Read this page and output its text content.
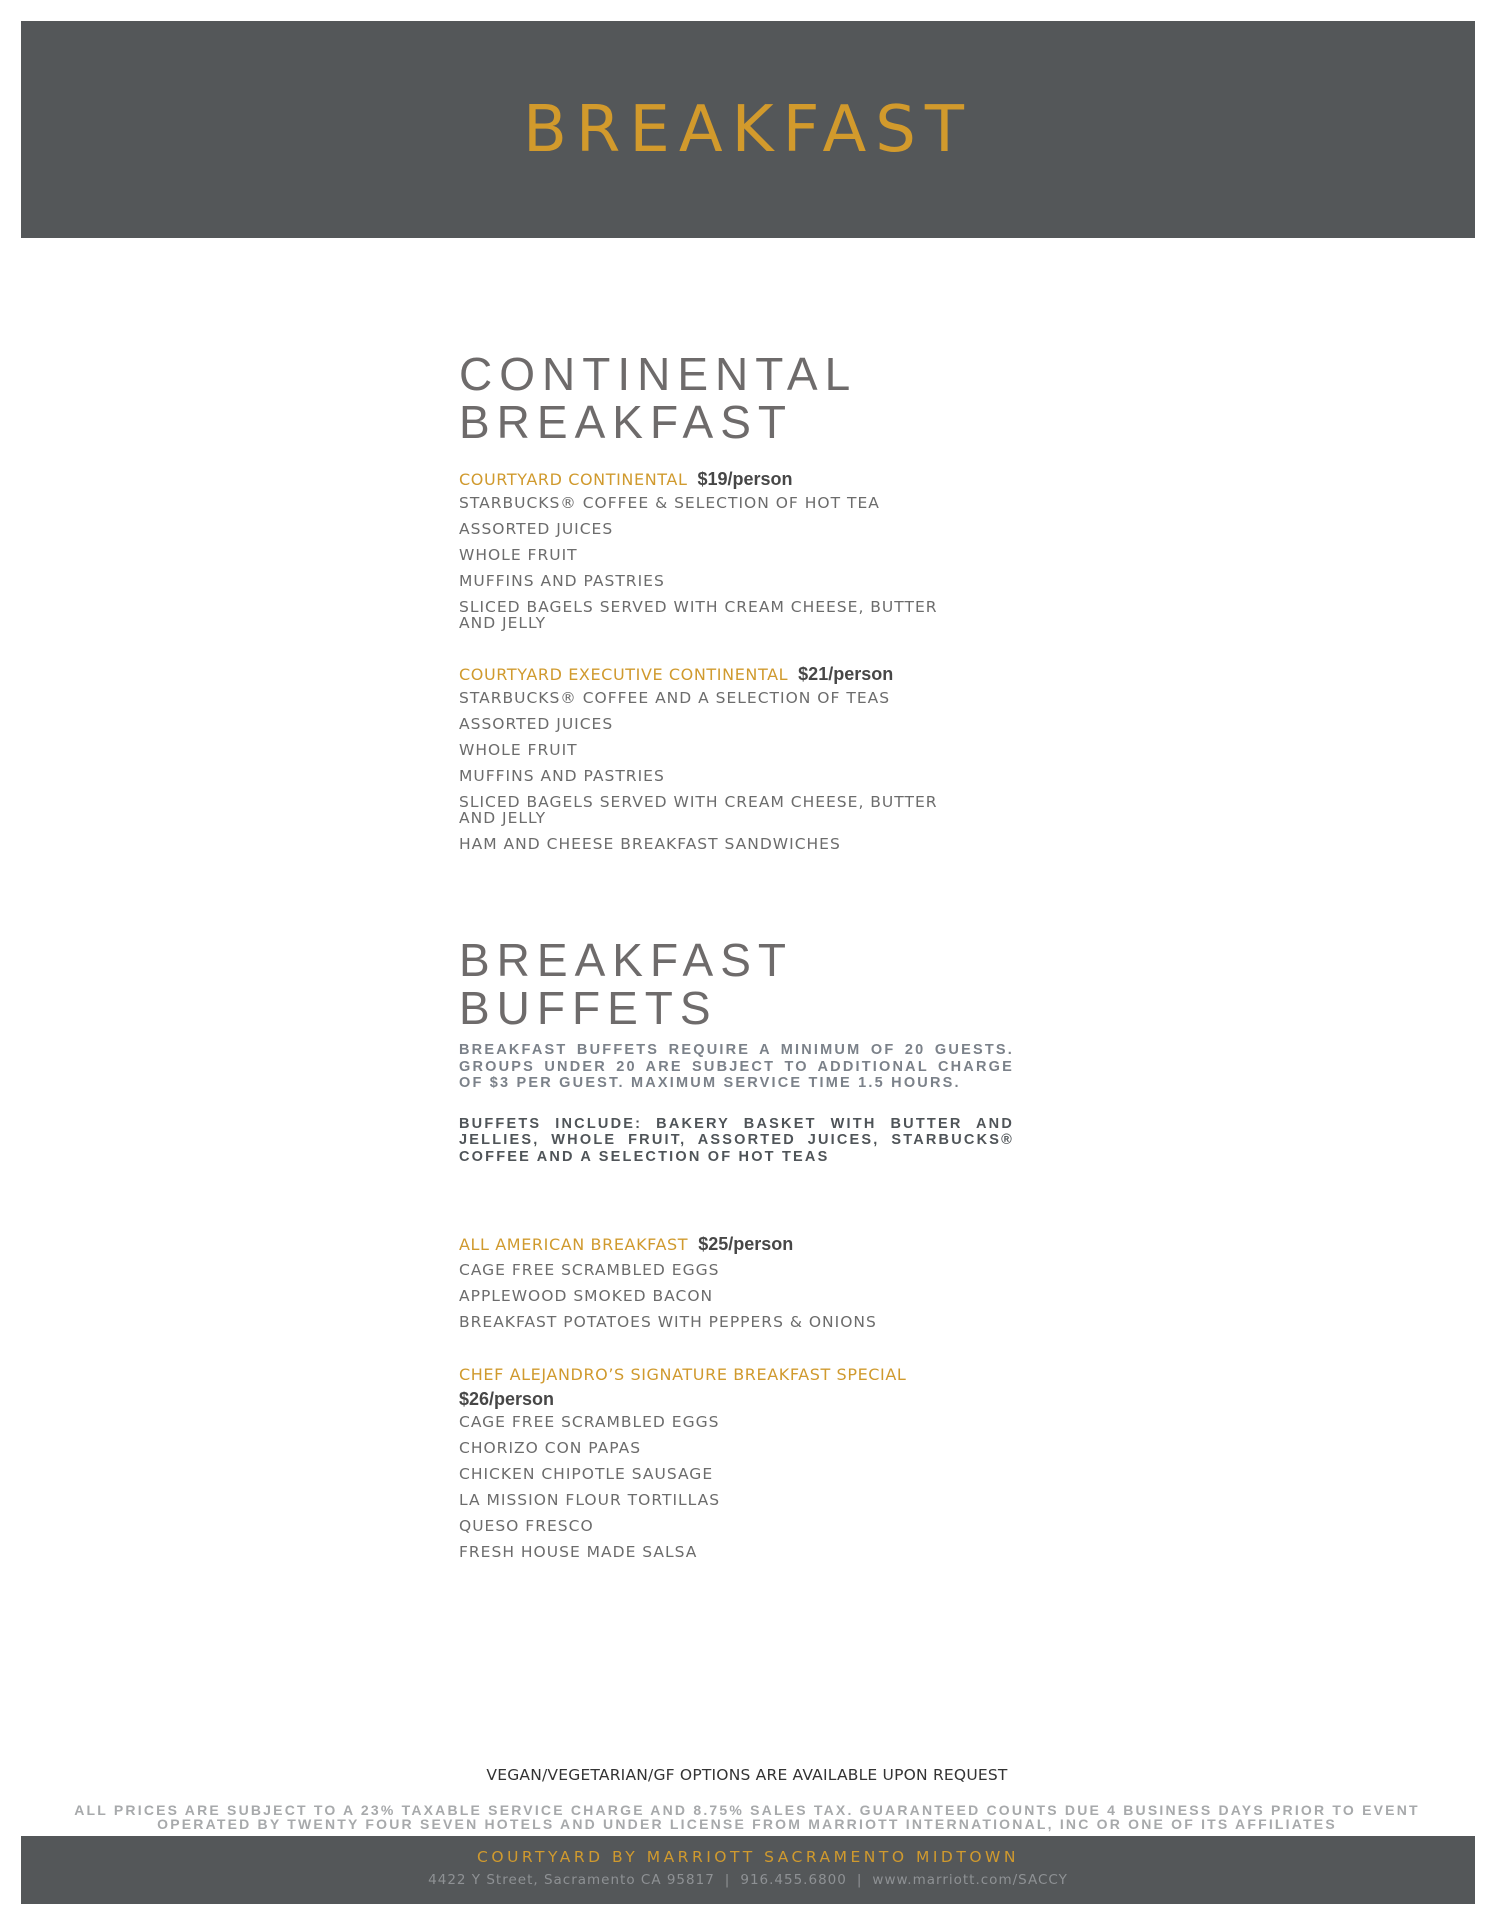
BREAKFAST
CONTINENTAL
BREAKFAST
COURTYARD CONTINENTAL $19/person
STARBUCKS® COFFEE & SELECTION OF HOT TEA
ASSORTED JUICES
WHOLE FRUIT
MUFFINS AND PASTRIES
SLICED BAGELS SERVED WITH CREAM CHEESE, BUTTER AND JELLY
COURTYARD EXECUTIVE CONTINENTAL $21/person
STARBUCKS® COFFEE AND A SELECTION OF TEAS
ASSORTED JUICES
WHOLE FRUIT
MUFFINS AND PASTRIES
SLICED BAGELS SERVED WITH CREAM CHEESE, BUTTER AND JELLY
HAM AND CHEESE BREAKFAST SANDWICHES
BREAKFAST
BUFFETS

BREAKFAST BUFFETS REQUIRE A MINIMUM OF 20 GUESTS. GROUPS UNDER 20 ARE SUBJECT TO ADDITIONAL CHARGE OF $3 PER GUEST. MAXIMUM SERVICE TIME 1.5 HOURS.

BUFFETS INCLUDE: BAKERY BASKET WITH BUTTER AND JELLIES, WHOLE FRUIT, ASSORTED JUICES, STARBUCKS® COFFEE AND A SELECTION OF HOT TEAS

ALL AMERICAN BREAKFAST $25/person
CAGE FREE SCRAMBLED EGGS
APPLEWOOD SMOKED BACON
BREAKFAST POTATOES WITH PEPPERS & ONIONS
CHEF ALEJANDRO’S SIGNATURE BREAKFAST SPECIAL
$26/person
CAGE FREE SCRAMBLED EGGS
CHORIZO CON PAPAS
CHICKEN CHIPOTLE SAUSAGE
LA MISSION FLOUR TORTILLAS
QUESO FRESCO
FRESH HOUSE MADE SALSA
VEGAN/VEGETARIAN/GF OPTIONS ARE AVAILABLE UPON REQUEST
ALL PRICES ARE SUBJECT TO A 23% TAXABLE SERVICE CHARGE AND 8.75% SALES TAX. GUARANTEED COUNTS DUE 4 BUSINESS DAYS PRIOR TO EVENT
OPERATED BY TWENTY FOUR SEVEN HOTELS AND UNDER LICENSE FROM MARRIOTT INTERNATIONAL, INC OR ONE OF ITS AFFILIATES
COURTYARD BY MARRIOTT SACRAMENTO MIDTOWN
4422 Y Street, Sacramento CA 95817 | 916.455.6800 | www.marriott.com/SACCY
